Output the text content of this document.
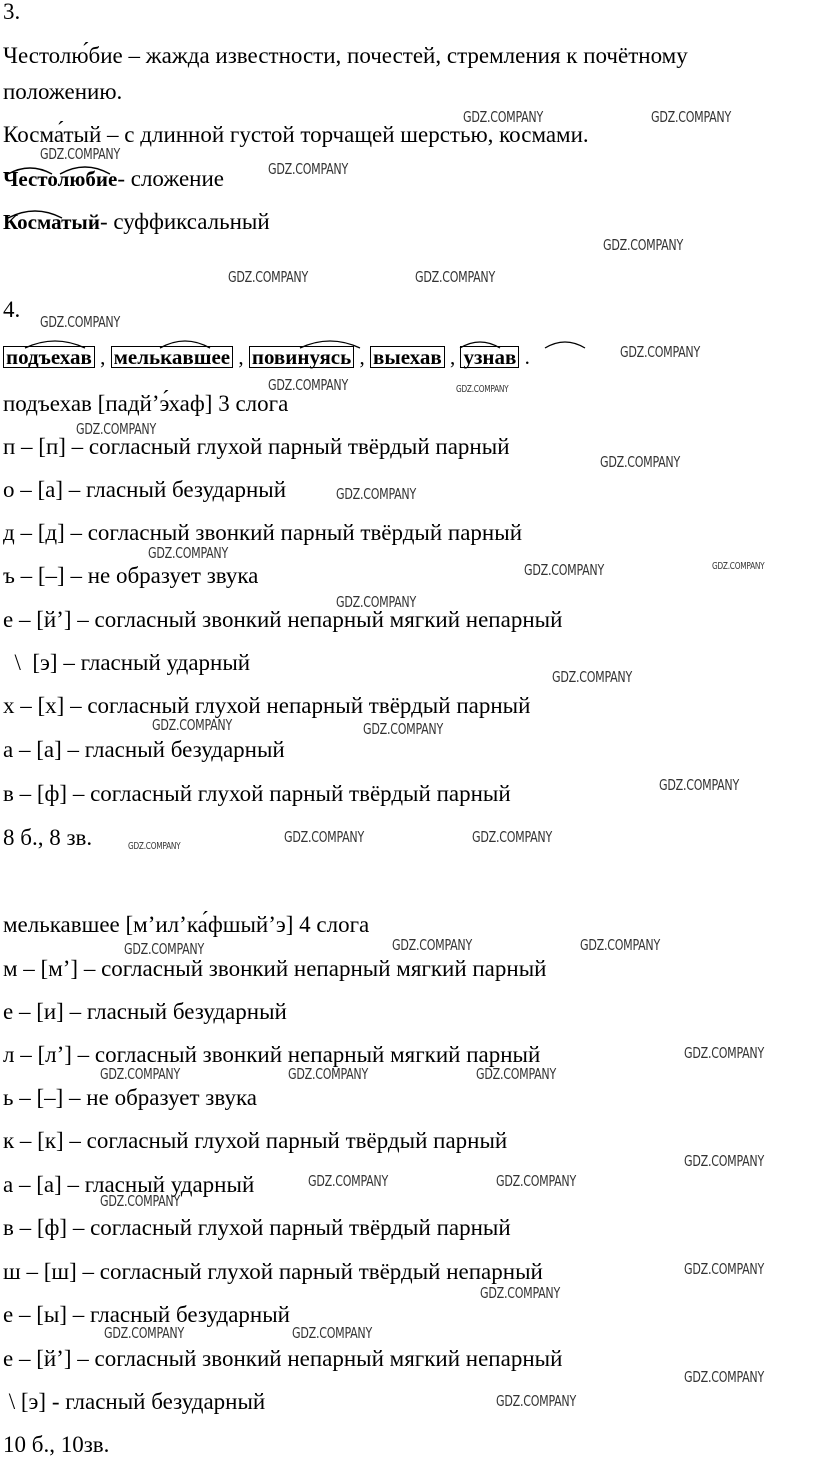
3.
Честолю́бие – жажда известности, почестей, стремления к почётному
положению.
Косма́тый – с длинной густой торчащей шерстью, космами.
Честолюбие- сложение
Косматый- суффиксальный
4.
подъехав , мелькавшее , повинуясь , выехав , узнав .
подъехав [падй’э́хаф] 3 слога
п – [п] – согласный глухой парный твёрдый парный
о – [а] – гласный безударный
д – [д] – согласный звонкий парный твёрдый парный
ъ – [–] – не образует звука
е – [й’] – согласный звонкий непарный мягкий непарный
\  [э] – гласный ударный
х – [х] – согласный глухой непарный твёрдый парный
а – [а] – гласный безударный
в – [ф] – согласный глухой парный твёрдый парный
8 б., 8 зв.
мелькавшее [м’ил’ка́фшый’э] 4 слога
м – [м’] – согласный звонкий непарный мягкий парный
е – [и] – гласный безударный
л – [л’] – согласный звонкий непарный мягкий парный
ь – [–] – не образует звука
к – [к] – согласный глухой парный твёрдый парный
а – [а] – гласный ударный
в – [ф] – согласный глухой парный твёрдый парный
ш – [ш] – согласный глухой парный твёрдый непарный
е – [ы] – гласный безударный
е – [й’] – согласный звонкий непарный мягкий непарный
\ [э] - гласный безударный
10 б., 10зв.
GDZ.COMPANY	GDZ.COMPANY
GDZ.COMPANY
GDZ.COMPANY
GDZ.COMPANY
GDZ.COMPANY	GDZ.COMPANY
GDZ.COMPANY
GDZ.COMPANY
GDZ.COMPANY	GDZ.COMPANY
GDZ.COMPANY
GDZ.COMPANY
GDZ.COMPANY
GDZ.COMPANY
GDZ.COMPANY	GDZ.COMPANY
GDZ.COMPANY
GDZ.COMPANY
GDZ.COMPANY	GDZ.COMPANY
GDZ.COMPANY
GDZ.COMPANY	GDZ.COMPANY
GDZ.COMPANY
GDZ.COMPANY	GDZ.COMPANY	GDZ.COMPANY
GDZ.COMPANY
GDZ.COMPANY	GDZ.COMPANY	GDZ.COMPANY
GDZ.COMPANY
GDZ.COMPANY	GDZ.COMPANY
GDZ.COMPANY
GDZ.COMPANY
GDZ.COMPANY
GDZ.COMPANY	GDZ.COMPANY
GDZ.COMPANY
GDZ.COMPANY
